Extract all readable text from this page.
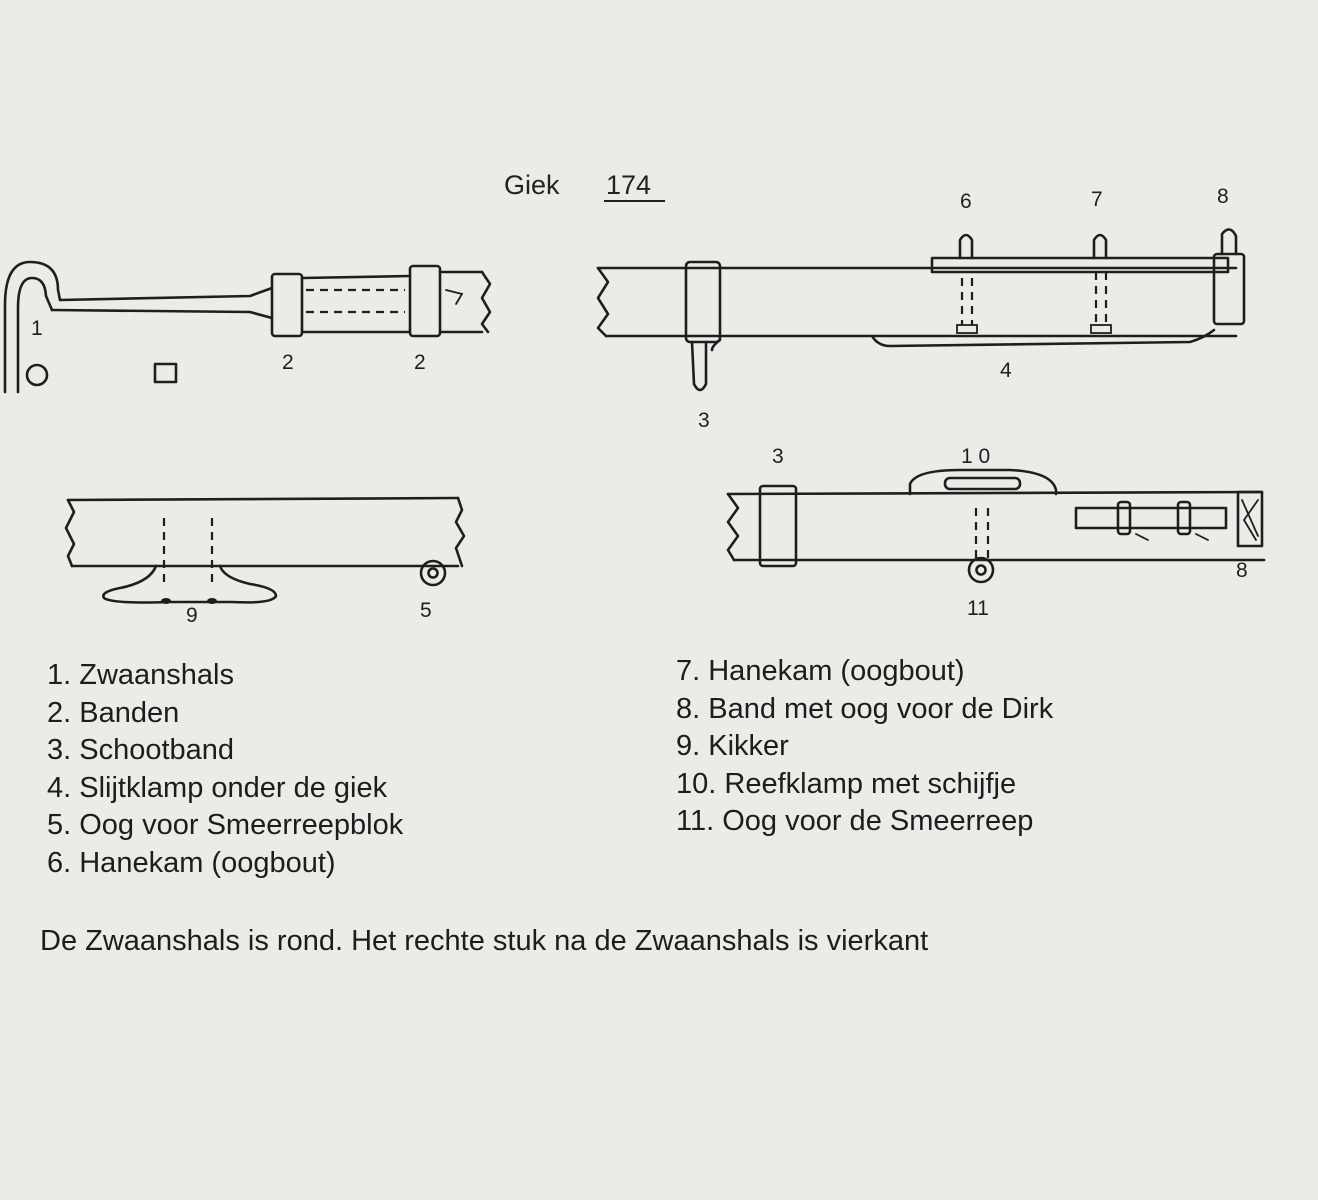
Giek 174
1
2	2
6	7	8
4
3
9	5
3	1 0
11
8
1. Zwaanshals
2. Banden
3. Schootband
4. Slijtklamp onder de giek
5. Oog voor Smeerreepblok
6. Hanekam (oogbout)
7. Hanekam (oogbout)
8. Band met oog voor de Dirk
9. Kikker
10. Reefklamp met schijfje
11. Oog voor de Smeerreep
De Zwaanshals is rond. Het rechte stuk na de Zwaanshals is vierkant
